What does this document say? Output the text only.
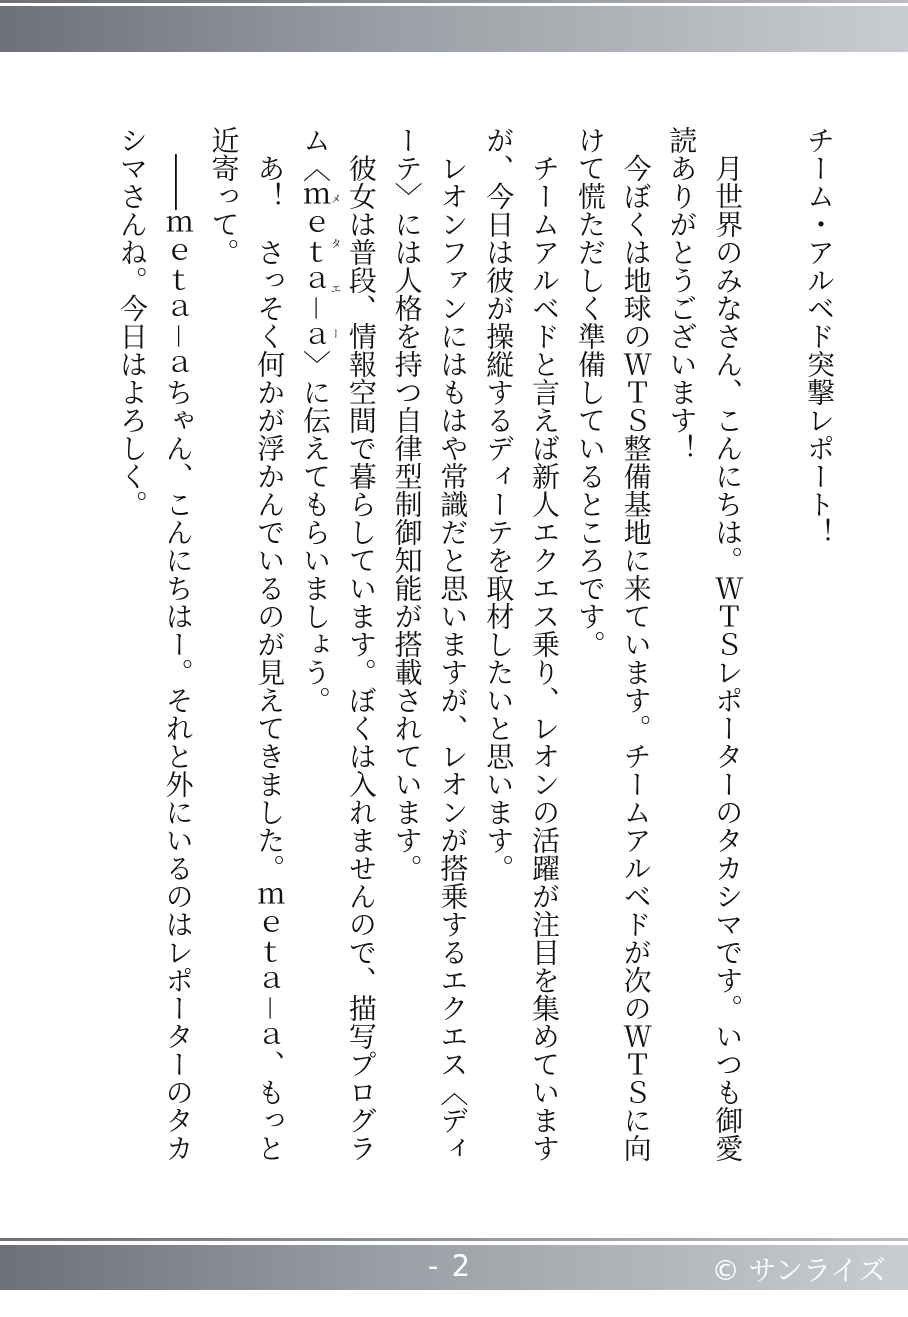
チーム・アルベド突撃レポート！

月世界のみなさん、こんにちは。ＷＴＳレポーターのタカシマです。いつも御愛読ありがとうございます！

今ぼくは地球のＷＴＳ整備基地に来ています。チームアルベドが次のＷＴＳに向けて慌ただしく準備しているところです。

チームアルベドと言えば新人エクエス乗り、レオンの活躍が注目を集めていますが、今日は彼が操縦するディーテを取材したいと思います。

レオンファンにはもはや常識だと思いますが、レオンが搭乗するエクエス〈ディーテ〉には人格を持つ自律型制御知能が搭載されています。

彼女は普段、情報空間で暮らしています。ぼくは入れませんので、描写プログラム〈ｍｅｔａ－ａメタエー〉に伝えてもらいましょう。

あ！　さっそく何かが浮かんでいるのが見えてきました。ｍｅｔａ－ａ、もっと近寄って。

――ｍｅｔａ－ａちゃん、こんにちはー。それと外にいるのはレポーターのタカシマさんね。今日はよろしく。

- 2 -
© サンライズ
